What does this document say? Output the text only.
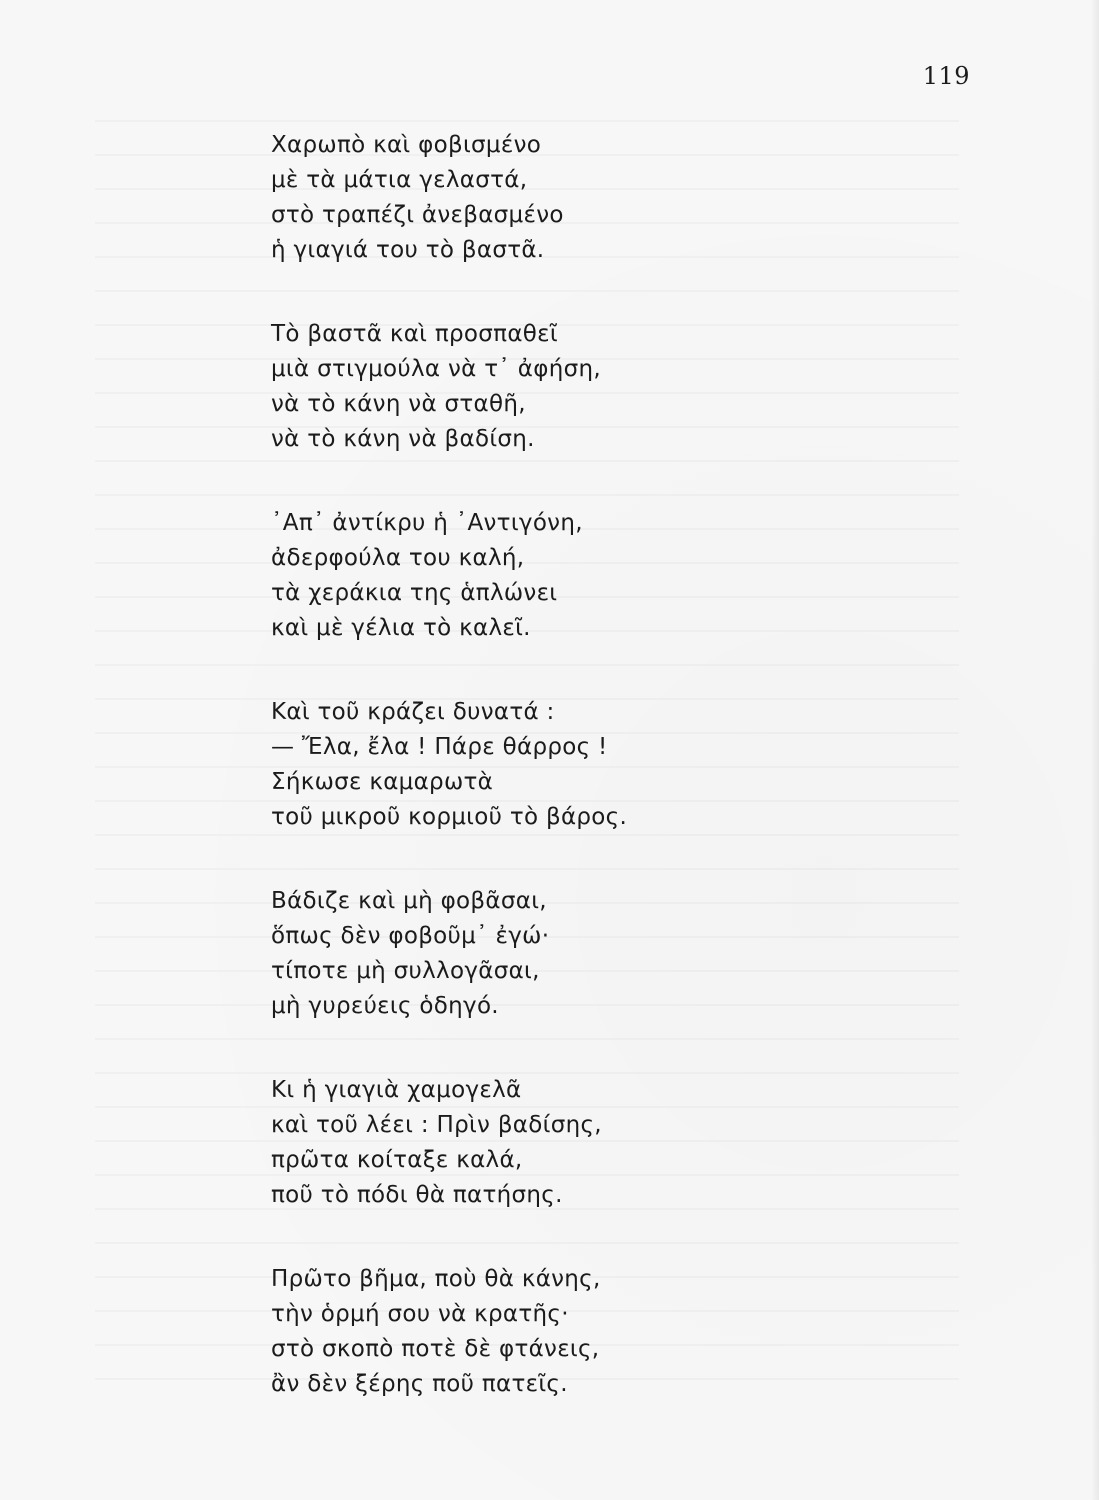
119
Χαρωπὸ καὶ φοβισμένο
μὲ τὰ μάτια γελαστά,
στὸ τραπέζι ἀνεβασμένο
ἡ γιαγιά του τὸ βαστᾶ.
Τὸ βαστᾶ καὶ προσπαθεῖ
μιὰ στιγμούλα νὰ τ᾽ ἀφήση,
νὰ τὸ κάνη νὰ σταθῆ,
νὰ τὸ κάνη νὰ βαδίση.
᾿Απ᾽ ἀντίκρυ ἡ ᾿Αντιγόνη,
ἀδερφούλα του καλή,
τὰ χεράκια της ἁπλώνει
καὶ μὲ γέλια τὸ καλεῖ.
Καὶ τοῦ κράζει δυνατά :
— Ἔλα, ἔλα ! Πάρε θάρρος !
Σήκωσε καμαρωτὰ
τοῦ μικροῦ κορμιοῦ τὸ βάρος.
Βάδιζε καὶ μὴ φοβᾶσαι,
ὅπως δὲν φοβοῦμ᾽ ἐγώ·
τίποτε μὴ συλλογᾶσαι,
μὴ γυρεύεις ὁδηγό.
Κι ἡ γιαγιὰ χαμογελᾶ
καὶ τοῦ λέει : Πρὶν βαδίσης,
πρῶτα κοίταξε καλά,
ποῦ τὸ πόδι θὰ πατήσης.
Πρῶτο βῆμα, ποὺ θὰ κάνης,
τὴν ὁρμή σου νὰ κρατῆς·
στὸ σκοπὸ ποτὲ δὲ φτάνεις,
ἂν δὲν ξέρης ποῦ πατεῖς.
